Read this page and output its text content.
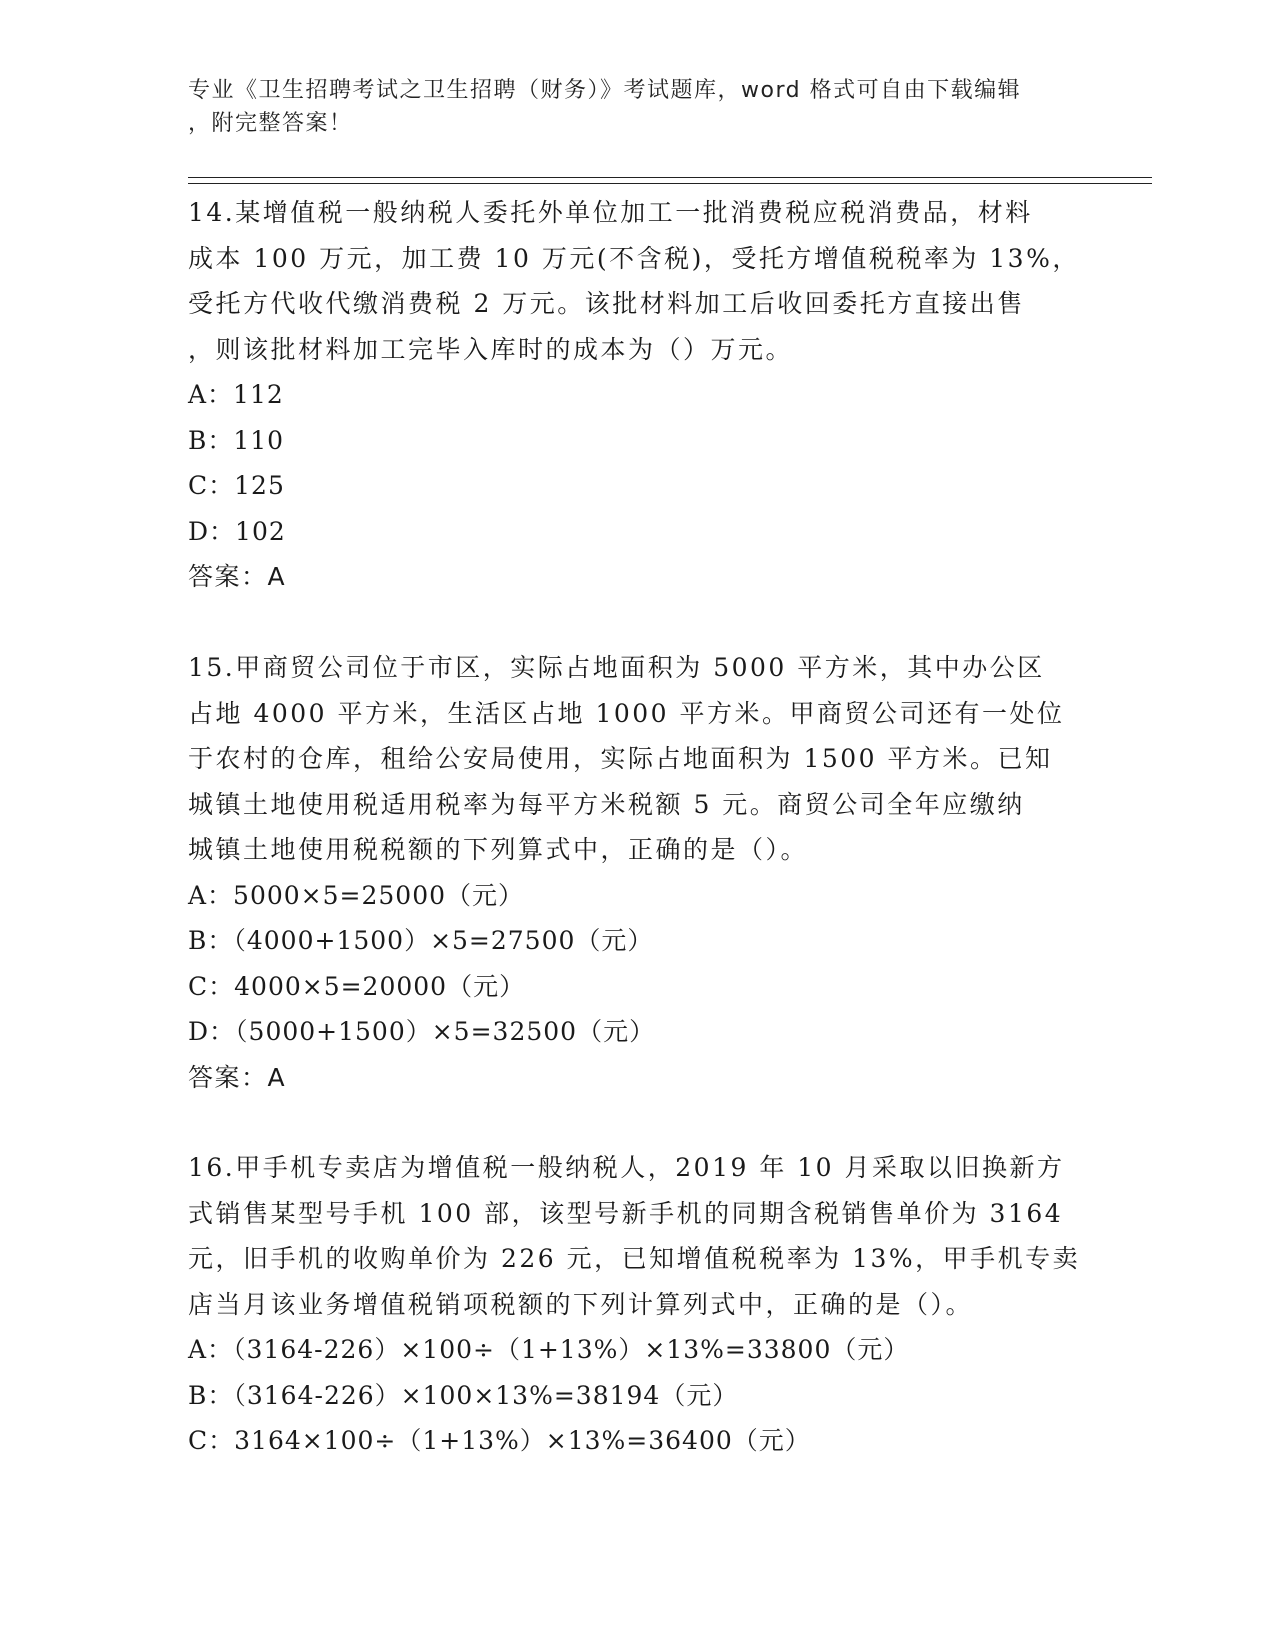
专业《卫生招聘考试之卫生招聘（财务）》考试题库，word 格式可自由下载编辑
，附完整答案！
14.某增值税一般纳税人委托外单位加工一批消费税应税消费品，材料
成本 100 万元，加工费 10 万元(不含税)，受托方增值税税率为 13%，
受托方代收代缴消费税 2 万元。该批材料加工后收回委托方直接出售
，则该批材料加工完毕入库时的成本为（）万元。
A：112
B：110
C：125
D：102
答案：A
15.甲商贸公司位于市区，实际占地面积为 5000 平方米，其中办公区
占地 4000 平方米，生活区占地 1000 平方米。甲商贸公司还有一处位
于农村的仓库，租给公安局使用，实际占地面积为 1500 平方米。已知
城镇土地使用税适用税率为每平方米税额 5 元。商贸公司全年应缴纳
城镇土地使用税税额的下列算式中，正确的是（）。
A：5000×5=25000（元）
B：（4000+1500）×5=27500（元）
C：4000×5=20000（元）
D：（5000+1500）×5=32500（元）
答案：A
16.甲手机专卖店为增值税一般纳税人，2019 年 10 月采取以旧换新方
式销售某型号手机 100 部，该型号新手机的同期含税销售单价为 3164
元，旧手机的收购单价为 226 元，已知增值税税率为 13%，甲手机专卖
店当月该业务增值税销项税额的下列计算列式中，正确的是（）。
A：（3164-226）×100÷（1+13%）×13%=33800（元）
B：（3164-226）×100×13%=38194（元）
C：3164×100÷（1+13%）×13%=36400（元）
